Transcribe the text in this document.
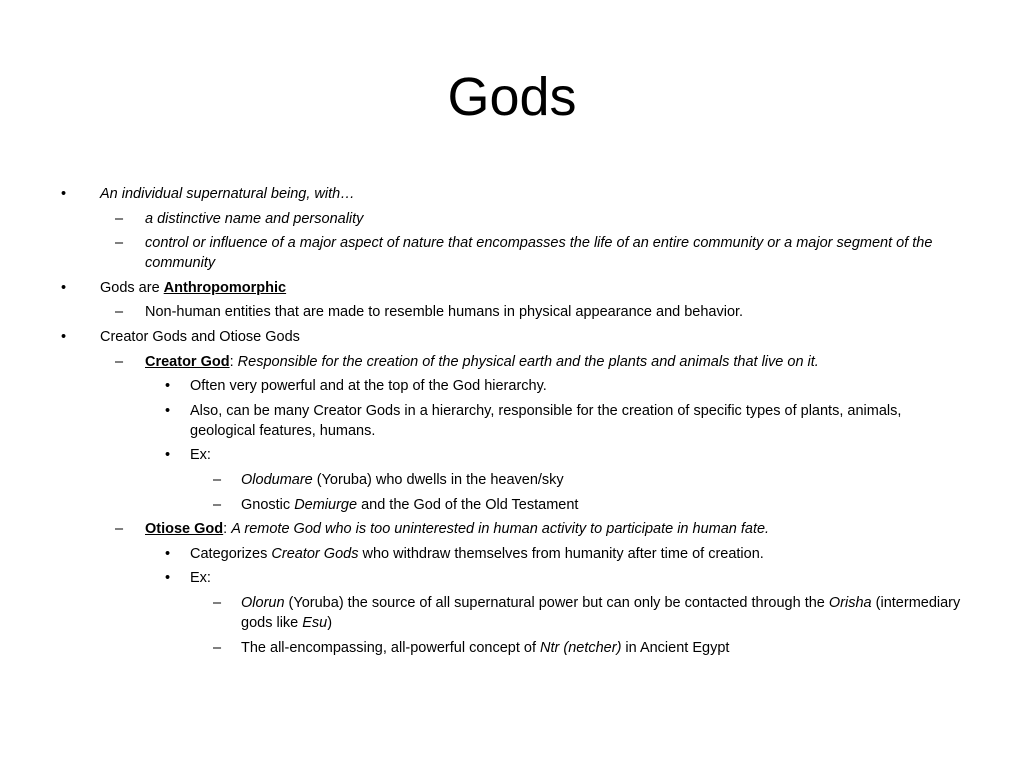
Gods
• An individual supernatural being, with…
– a distinctive name and personality
– control or influence of a major aspect of nature that encompasses the life of an entire community or a major segment of the community
• Gods are Anthropomorphic
– Non-human entities that are made to resemble humans in physical appearance and behavior.
• Creator Gods and Otiose Gods
– Creator God: Responsible for the creation of the physical earth and the plants and animals that live on it.
• Often very powerful and at the top of the God hierarchy.
• Also, can be many Creator Gods in a hierarchy, responsible for the creation of specific types of plants, animals, geological features, humans.
• Ex:
– Olodumare (Yoruba) who dwells in the heaven/sky
– Gnostic Demiurge and the God of the Old Testament
– Otiose God: A remote God who is too uninterested in human activity to participate in human fate.
• Categorizes Creator Gods who withdraw themselves from humanity after time of creation.
• Ex:
– Olorun (Yoruba) the source of all supernatural power but can only be contacted through the Orisha (intermediary gods like Esu)
– The all-encompassing, all-powerful concept of Ntr (netcher) in Ancient Egypt
